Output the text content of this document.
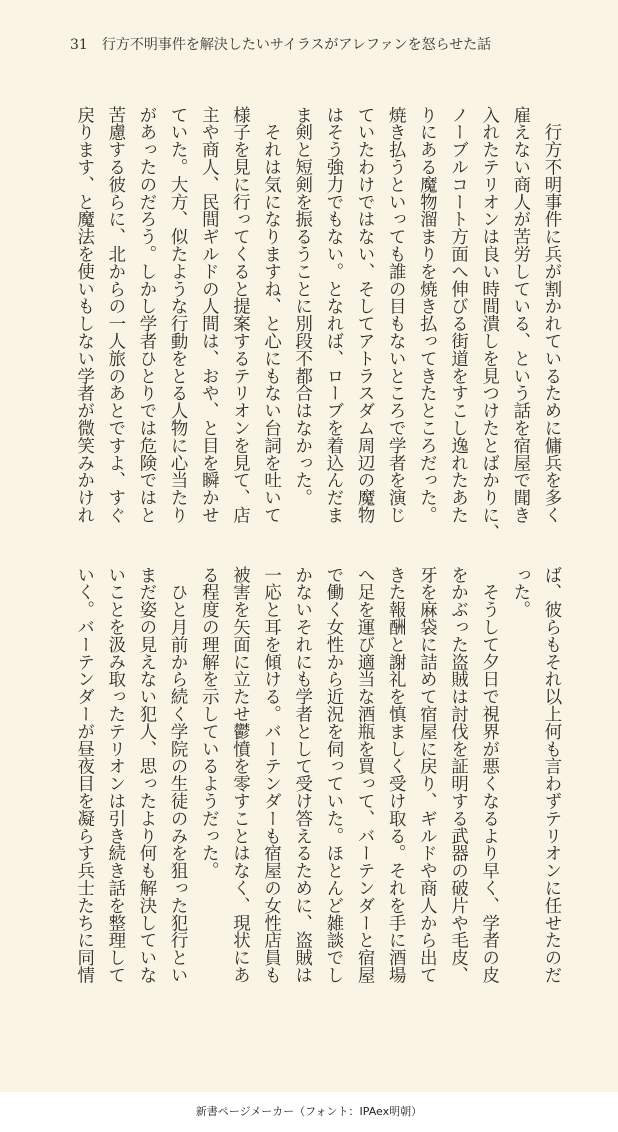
31 行方不明事件を解決したいサイラスがアレファンを怒らせた話

　行方不明事件に兵が割かれているために傭兵を多く

雇えない商人が苦労している、という話を宿屋で聞き

入れたテリオンは良い時間潰しを見つけたとばかりに、

ノーブルコート方面へ伸びる街道をすこし逸れたあた

りにある魔物溜まりを焼き払ってきたところだった。

焼き払うといっても誰の目もないところで学者を演じ

ていたわけではない、そしてアトラスダム周辺の魔物

はそう強力でもない。となれば、ローブを着込んだま

ま剣と短剣を振るうことに別段不都合はなかった。

　それは気になりますね、と心にもない台詞を吐いて

様子を見に行ってくると提案するテリオンを見て、店

主や商人、民間ギルドの人間は、おや、と目を瞬かせ

ていた。大方、似たような行動をとる人物に心当たり

があったのだろう。しかし学者ひとりでは危険ではと

苦慮する彼らに、北からの一人旅のあとですよ、すぐ

戻ります、と魔法を使いもしない学者が微笑みかけれ

ば、彼らもそれ以上何も言わずテリオンに任せたのだ

った。

　そうして夕日で視界が悪くなるより早く、学者の皮

をかぶった盗賊は討伐を証明する武器の破片や毛皮、

牙を麻袋に詰めて宿屋に戻り、ギルドや商人から出て

きた報酬と謝礼を慎ましく受け取る。それを手に酒場

へ足を運び適当な酒瓶を買って、バーテンダーと宿屋

で働く女性から近況を伺っていた。ほとんど雑談でし

かないそれにも学者として受け答えるために、盗賊は

一応と耳を傾ける。バーテンダーも宿屋の女性店員も

被害を矢面に立たせ鬱憤を零すことはなく、現状にあ

る程度の理解を示しているようだった。

　ひと月前から続く学院の生徒のみを狙った犯行とい

まだ姿の見えない犯人、思ったより何も解決していな

いことを汲み取ったテリオンは引き続き話を整理して

いく。バーテンダーが昼夜目を凝らす兵士たちに同情

新書ページメーカー（フォント：IPAex明朝）
